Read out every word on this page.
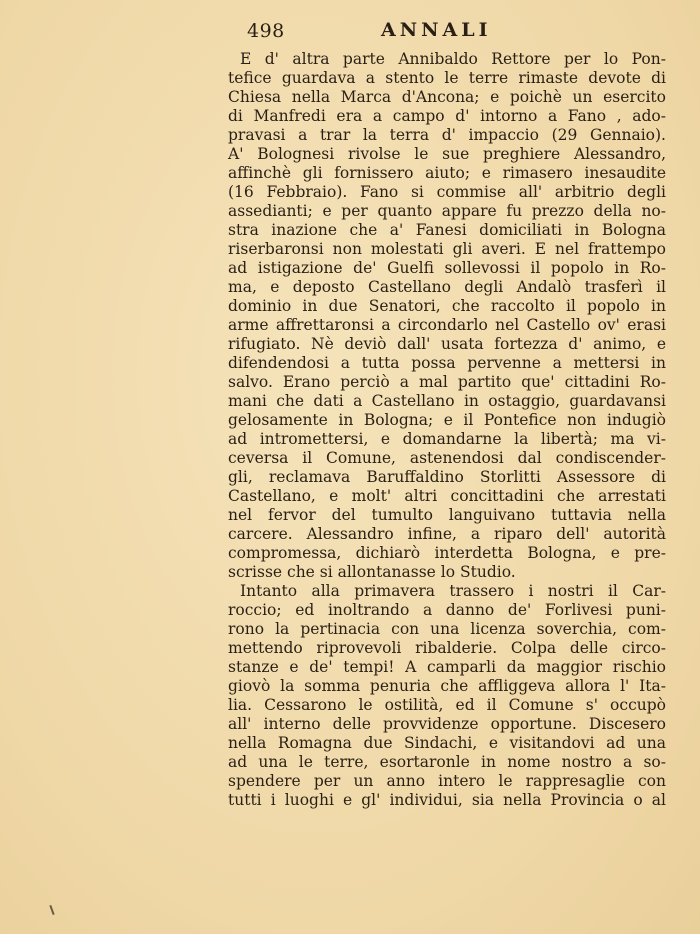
498	ANNALI
E d' altra parte Annibaldo Rettore per lo Pon-
tefice guardava a stento le terre rimaste devote di
Chiesa nella Marca d'Ancona; e poichè un esercito
di Manfredi era a campo d' intorno a Fano , ado-
pravasi a trar la terra d' impaccio (29 Gennaio).
A' Bolognesi rivolse le sue preghiere Alessandro,
affinchè gli fornissero aiuto; e rimasero inesaudite
(16 Febbraio). Fano si commise all' arbitrio degli
assedianti; e per quanto appare fu prezzo della no-
stra inazione che a' Fanesi domiciliati in Bologna
riserbaronsi non molestati gli averi. E nel frattempo
ad istigazione de' Guelfi sollevossi il popolo in Ro-
ma, e deposto Castellano degli Andalò trasferì il
dominio in due Senatori, che raccolto il popolo in
arme affrettaronsi a circondarlo nel Castello ov' erasi
rifugiato. Nè deviò dall' usata fortezza d' animo, e
difendendosi a tutta possa pervenne a mettersi in
salvo. Erano perciò a mal partito que' cittadini Ro-
mani che dati a Castellano in ostaggio, guardavansi
gelosamente in Bologna; e il Pontefice non indugiò
ad intromettersi, e domandarne la libertà; ma vi-
ceversa il Comune, astenendosi dal condiscender-
gli, reclamava Baruffaldino Storlitti Assessore di
Castellano, e molt' altri concittadini che arrestati
nel fervor del tumulto languivano tuttavia nella
carcere. Alessandro infine, a riparo dell' autorità
compromessa, dichiarò interdetta Bologna, e pre-
scrisse che si allontanasse lo Studio.
Intanto alla primavera trassero i nostri il Car-
roccio; ed inoltrando a danno de' Forlivesi puni-
rono la pertinacia con una licenza soverchia, com-
mettendo riprovevoli ribalderie. Colpa delle circo-
stanze e de' tempi! A camparli da maggior rischio
giovò la somma penuria che affliggeva allora l' Ita-
lia. Cessarono le ostilità, ed il Comune s' occupò
all' interno delle provvidenze opportune. Discesero
nella Romagna due Sindachi, e visitandovi ad una
ad una le terre, esortaronle in nome nostro a so-
spendere per un anno intero le rappresaglie con
tutti i luoghi e gl' individui, sia nella Provincia o al
